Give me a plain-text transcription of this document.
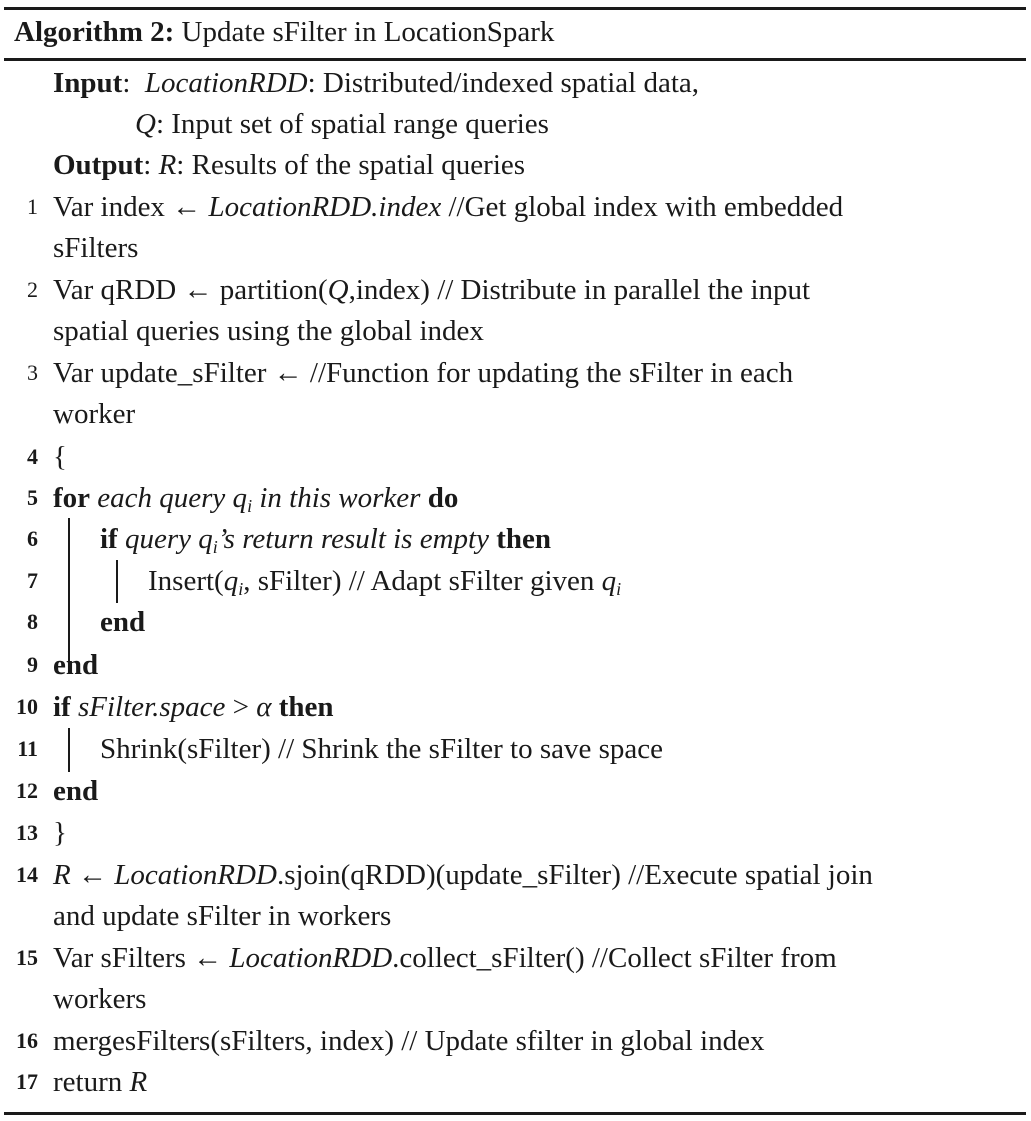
Algorithm 2: Update sFilter in LocationSpark
Input:  LocationRDD: Distributed/indexed spatial data,
Q: Input set of spatial range queries
Output: R: Results of the spatial queries
1 Var index ← LocationRDD.index //Get global index with embedded
sFilters
2 Var qRDD ← partition(Q,index) // Distribute in parallel the input
spatial queries using the global index
3 Var update_sFilter ← //Function for updating the sFilter in each
worker
4 {
5 for each query $q_i$ in this worker do
6 if query $q_i’s$ return result is empty then
7	$Insert(q_i$, sFilter) // Adapt sFilter given $q_i$
8 end
9 end
10 if sFilter.space > α then
11 Shrink(sFilter) // Shrink the sFilter to save space
12 end
13 }
14 R ← LocationRDD.sjoin(qRDD)(update_sFilter) //Execute spatial join
and update sFilter in workers
15 Var sFilters ← LocationRDD.collect_sFilter() //Collect sFilter from
workers
16 mergesFilters(sFilters, index) // Update sfilter in global index
17 return R
